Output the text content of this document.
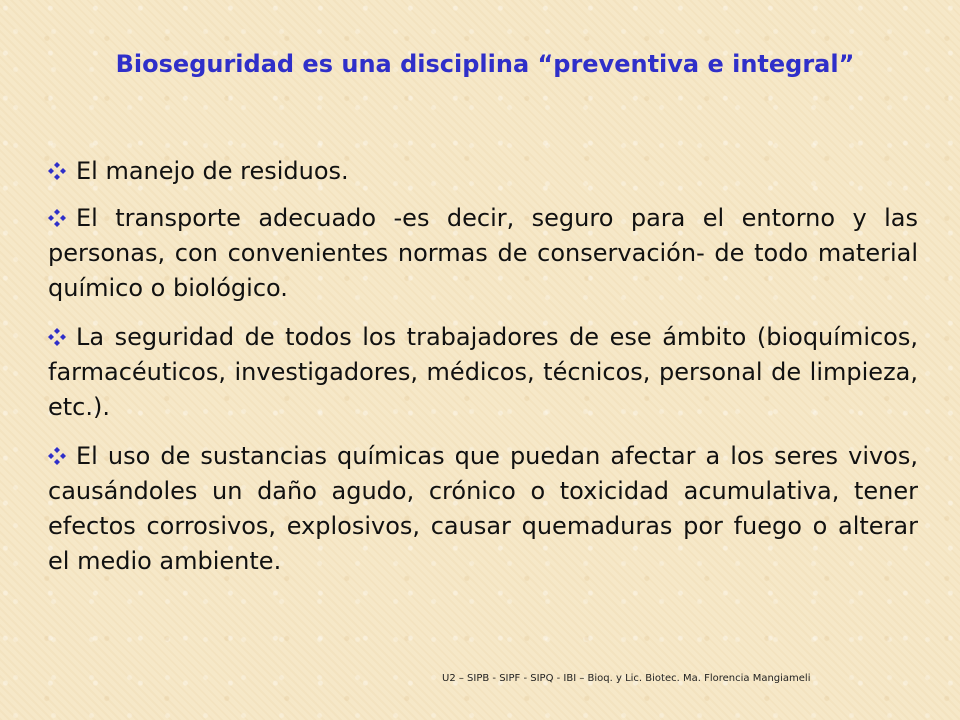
Bioseguridad es una disciplina “preventiva e integral”

El manejo de residuos.

El transporte adecuado -es decir, seguro para el entorno y las personas, con convenientes normas de conservación- de todo material químico o biológico.

La seguridad de todos los trabajadores de ese ámbito (bioquímicos, farmacéuticos, investigadores, médicos, técnicos, personal de limpieza, etc.).

El uso de sustancias químicas que puedan afectar a los seres vivos, causándoles un daño agudo, crónico o toxicidad acumulativa, tener efectos corrosivos, explosivos, causar quemaduras por fuego o alterar el medio ambiente.

U2 – SIPB - SIPF - SIPQ - IBI – Bioq. y Lic. Biotec. Ma. Florencia Mangiameli
